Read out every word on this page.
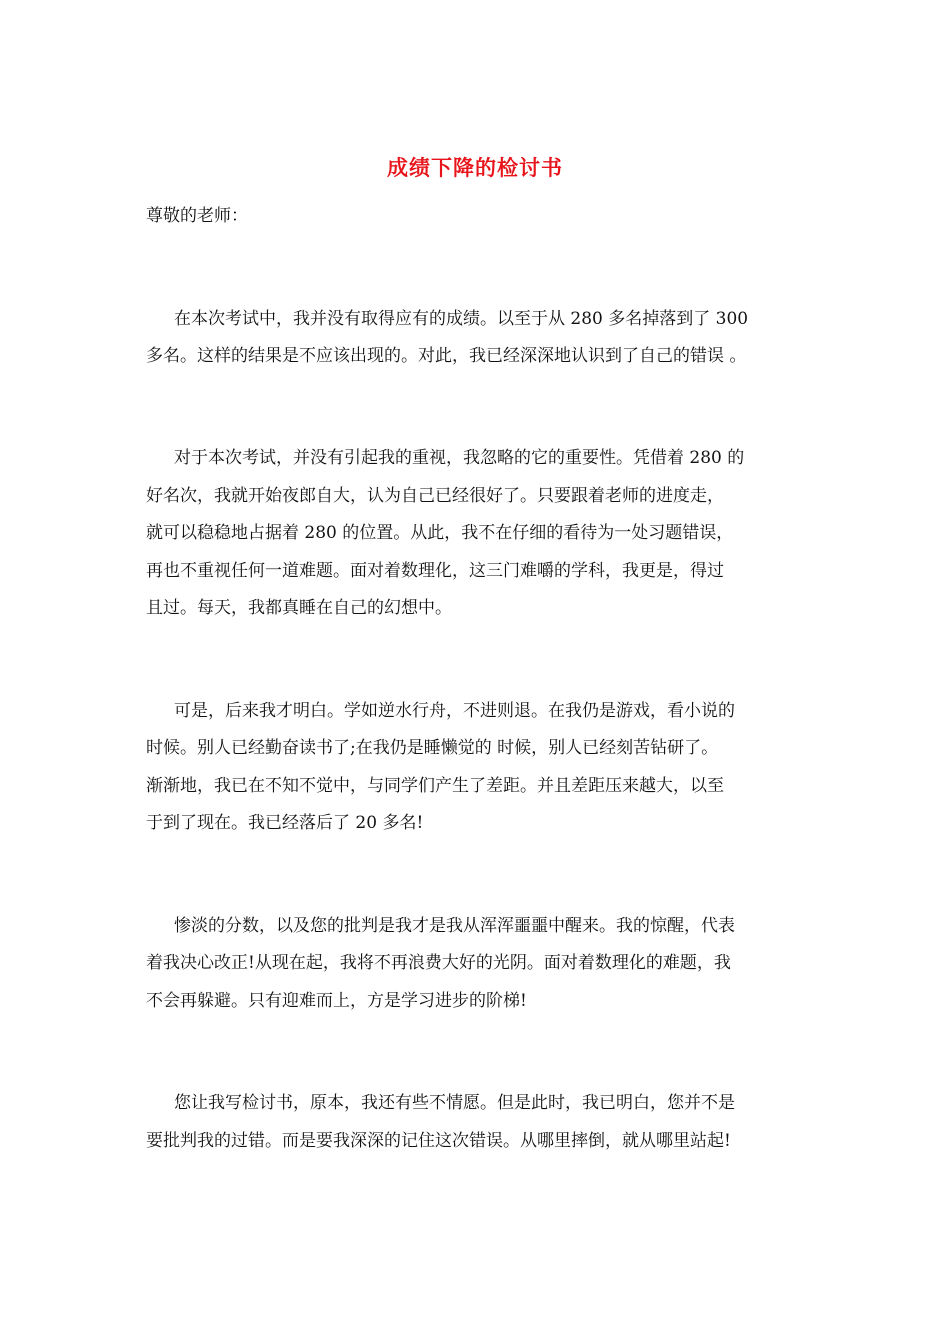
成绩下降的检讨书
尊敬的老师：
在本次考试中，我并没有取得应有的成绩。以至于从 280 多名掉落到了 300
多名。这样的结果是不应该出现的。对此，我已经深深地认识到了自己的错误 。
对于本次考试，并没有引起我的重视，我忽略的它的重要性。凭借着 280 的
好名次，我就开始夜郎自大，认为自己已经很好了。只要跟着老师的进度走，
就可以稳稳地占据着 280 的位置。从此，我不在仔细的看待为一处习题错误，
再也不重视任何一道难题。面对着数理化，这三门难嚼的学科，我更是，得过
且过。每天，我都真睡在自己的幻想中。
可是，后来我才明白。学如逆水行舟，不进则退。在我仍是游戏，看小说的
时候。别人已经勤奋读书了;在我仍是睡懒觉的 时候，别人已经刻苦钻研了。
渐渐地，我已在不知不觉中，与同学们产生了差距。并且差距压来越大，以至
于到了现在。我已经落后了 20 多名!
惨淡的分数，以及您的批判是我才是我从浑浑噩噩中醒来。我的惊醒，代表
着我决心改正!从现在起，我将不再浪费大好的光阴。面对着数理化的难题，我
不会再躲避。只有迎难而上，方是学习进步的阶梯!
您让我写检讨书，原本，我还有些不情愿。但是此时，我已明白，您并不是
要批判我的过错。而是要我深深的记住这次错误。从哪里摔倒，就从哪里站起!
